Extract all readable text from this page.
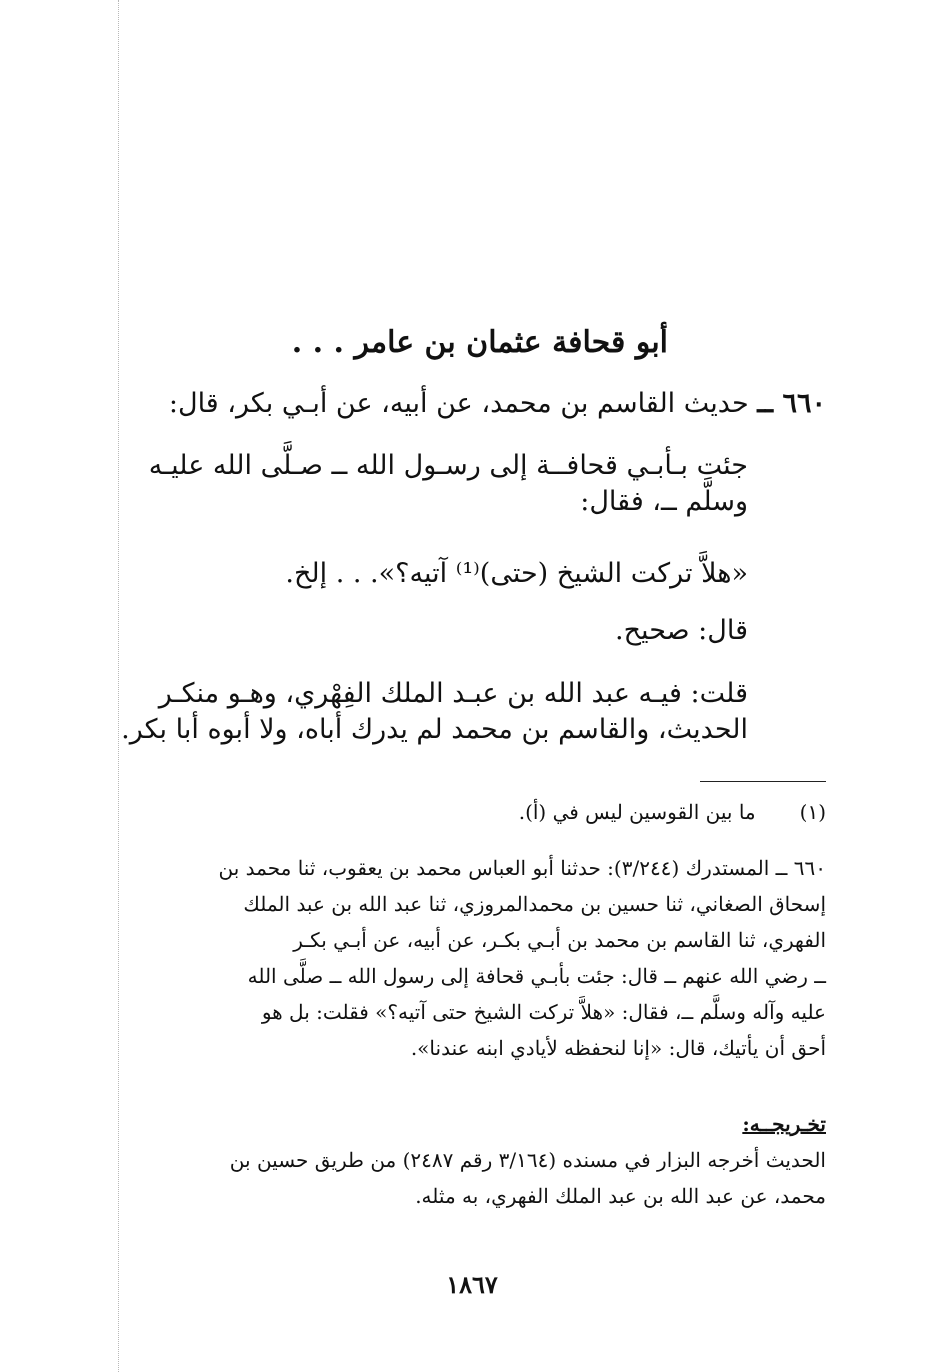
أبو قحافة عثمان بن عامر . . .
٦٦٠ ــ حديث القاسم بن محمد، عن أبيه، عن أبـي بكر، قال:
جئت بـأبـي قحافــة إلى رسـول الله ــ صـلَّى الله عليـه
وسلَّم ــ، فقال:
«هلاَّ تركت الشيخ (حتى)⁽¹⁾ آتيه؟». . . إلخ.
قال: صحيح.
قلت: فيـه عبد الله بن عبـد الملك الفِهْري، وهـو منكـر
الحديث، والقاسم بن محمد لم يدرك أباه، ولا أبوه أبا بكر.
(١) ما بين القوسين ليس في (أ).
٦٦٠ ــ المستدرك (٣/٢٤٤): حدثنا أبو العباس محمد بن يعقوب، ثنا محمد بن
إسحاق الصغاني، ثنا حسين بن محمدالمروزي، ثنا عبد الله بن عبد الملك
الفهري، ثنا القاسم بن محمد بن أبـي بكـر، عن أبيه، عن أبـي بكـر
ــ رضي الله عنهم ــ قال: جئت بأبـي قحافة إلى رسول الله ــ صلَّى الله
عليه وآله وسلَّم ــ، فقال: «هلاَّ تركت الشيخ حتى آتيه؟» فقلت: بل هو
أحق أن يأتيك، قال: «إنا لنحفظه لأيادي ابنه عندنا».
تخـريجــه:
الحديث أخرجه البزار في مسنده (٣/١٦٤ رقم ٢٤٨٧) من طريق حسين بن
محمد، عن عبد الله بن عبد الملك الفهري، به مثله.
١٨٦٧
